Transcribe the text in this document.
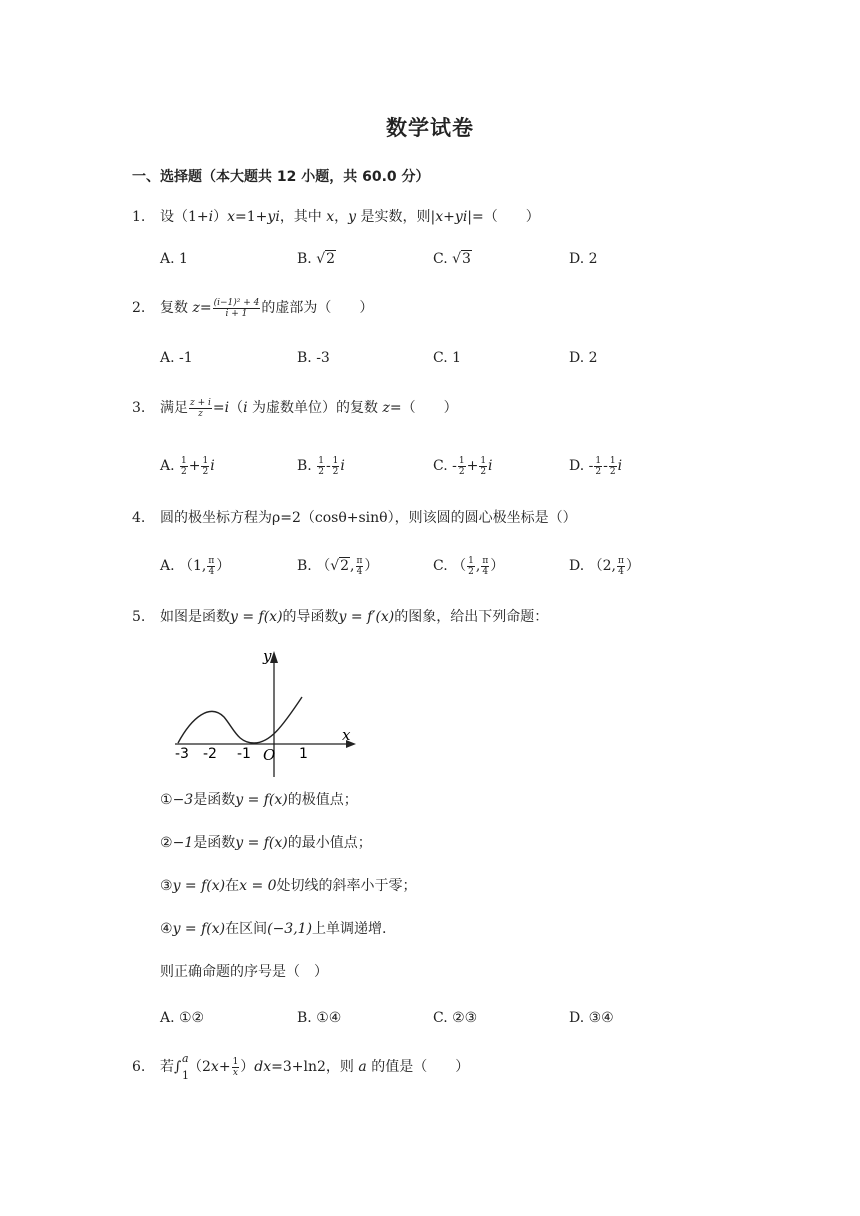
数学试卷
一、选择题（本大题共 12 小题，共 60.0 分）
1. 设（1+i）x=1+yi，其中 x，y 是实数，则|x+yi|=（　　）
A. 1	B. √2	C. √3	D. 2
2. 复数 $z= \frac{\text{(i−1)² + 4}}{i + 1}$ 的虚部为（　　）
A. -1	B. -3	C. 1	D. 2
3. 满足 $\frac{z + i}{z} =i(i$ 为虚数单位）的复数 z=（　　）
A. $\frac{1}{2} + \frac{1}{2}$ i	B. $\frac{1}{2} - \frac{1}{2}$ i	C. - $\frac{1}{2} + \frac{1}{2}$ i	D. - $\frac{1}{2} - \frac{1}{2}$ i
4. 圆的极坐标方程为ρ=2（cosθ+sinθ），则该圆的圆心极坐标是（）
A. （1, $\frac{\pi}{4}$ ）	B. （√2, $\frac{\pi}{4}$ ）	C. （ $\frac{1}{2}$ , $\frac{\pi}{4}$ ）	D. （2, $\frac{\pi}{4}$ ）
5. 如图是函数y = f(x)的导函数y = f′(x)的图象，给出下列命题：
y
x
-3 -2 -1 O 1
①−3是函数y = f(x)的极值点；
②−1是函数y = f(x)的最小值点；
③y = f(x)在x = 0处切线的斜率小于零；
④y = f(x)在区间(−3,1)上单调递增.
则正确命题的序号是（　）
A. ①②	B. ①④	C. ②③	D. ③④
6. 若∫
a
1
$(2x+ \frac{1}{x} )dx=3+\ln 2$，则 a 的值是（　　）
